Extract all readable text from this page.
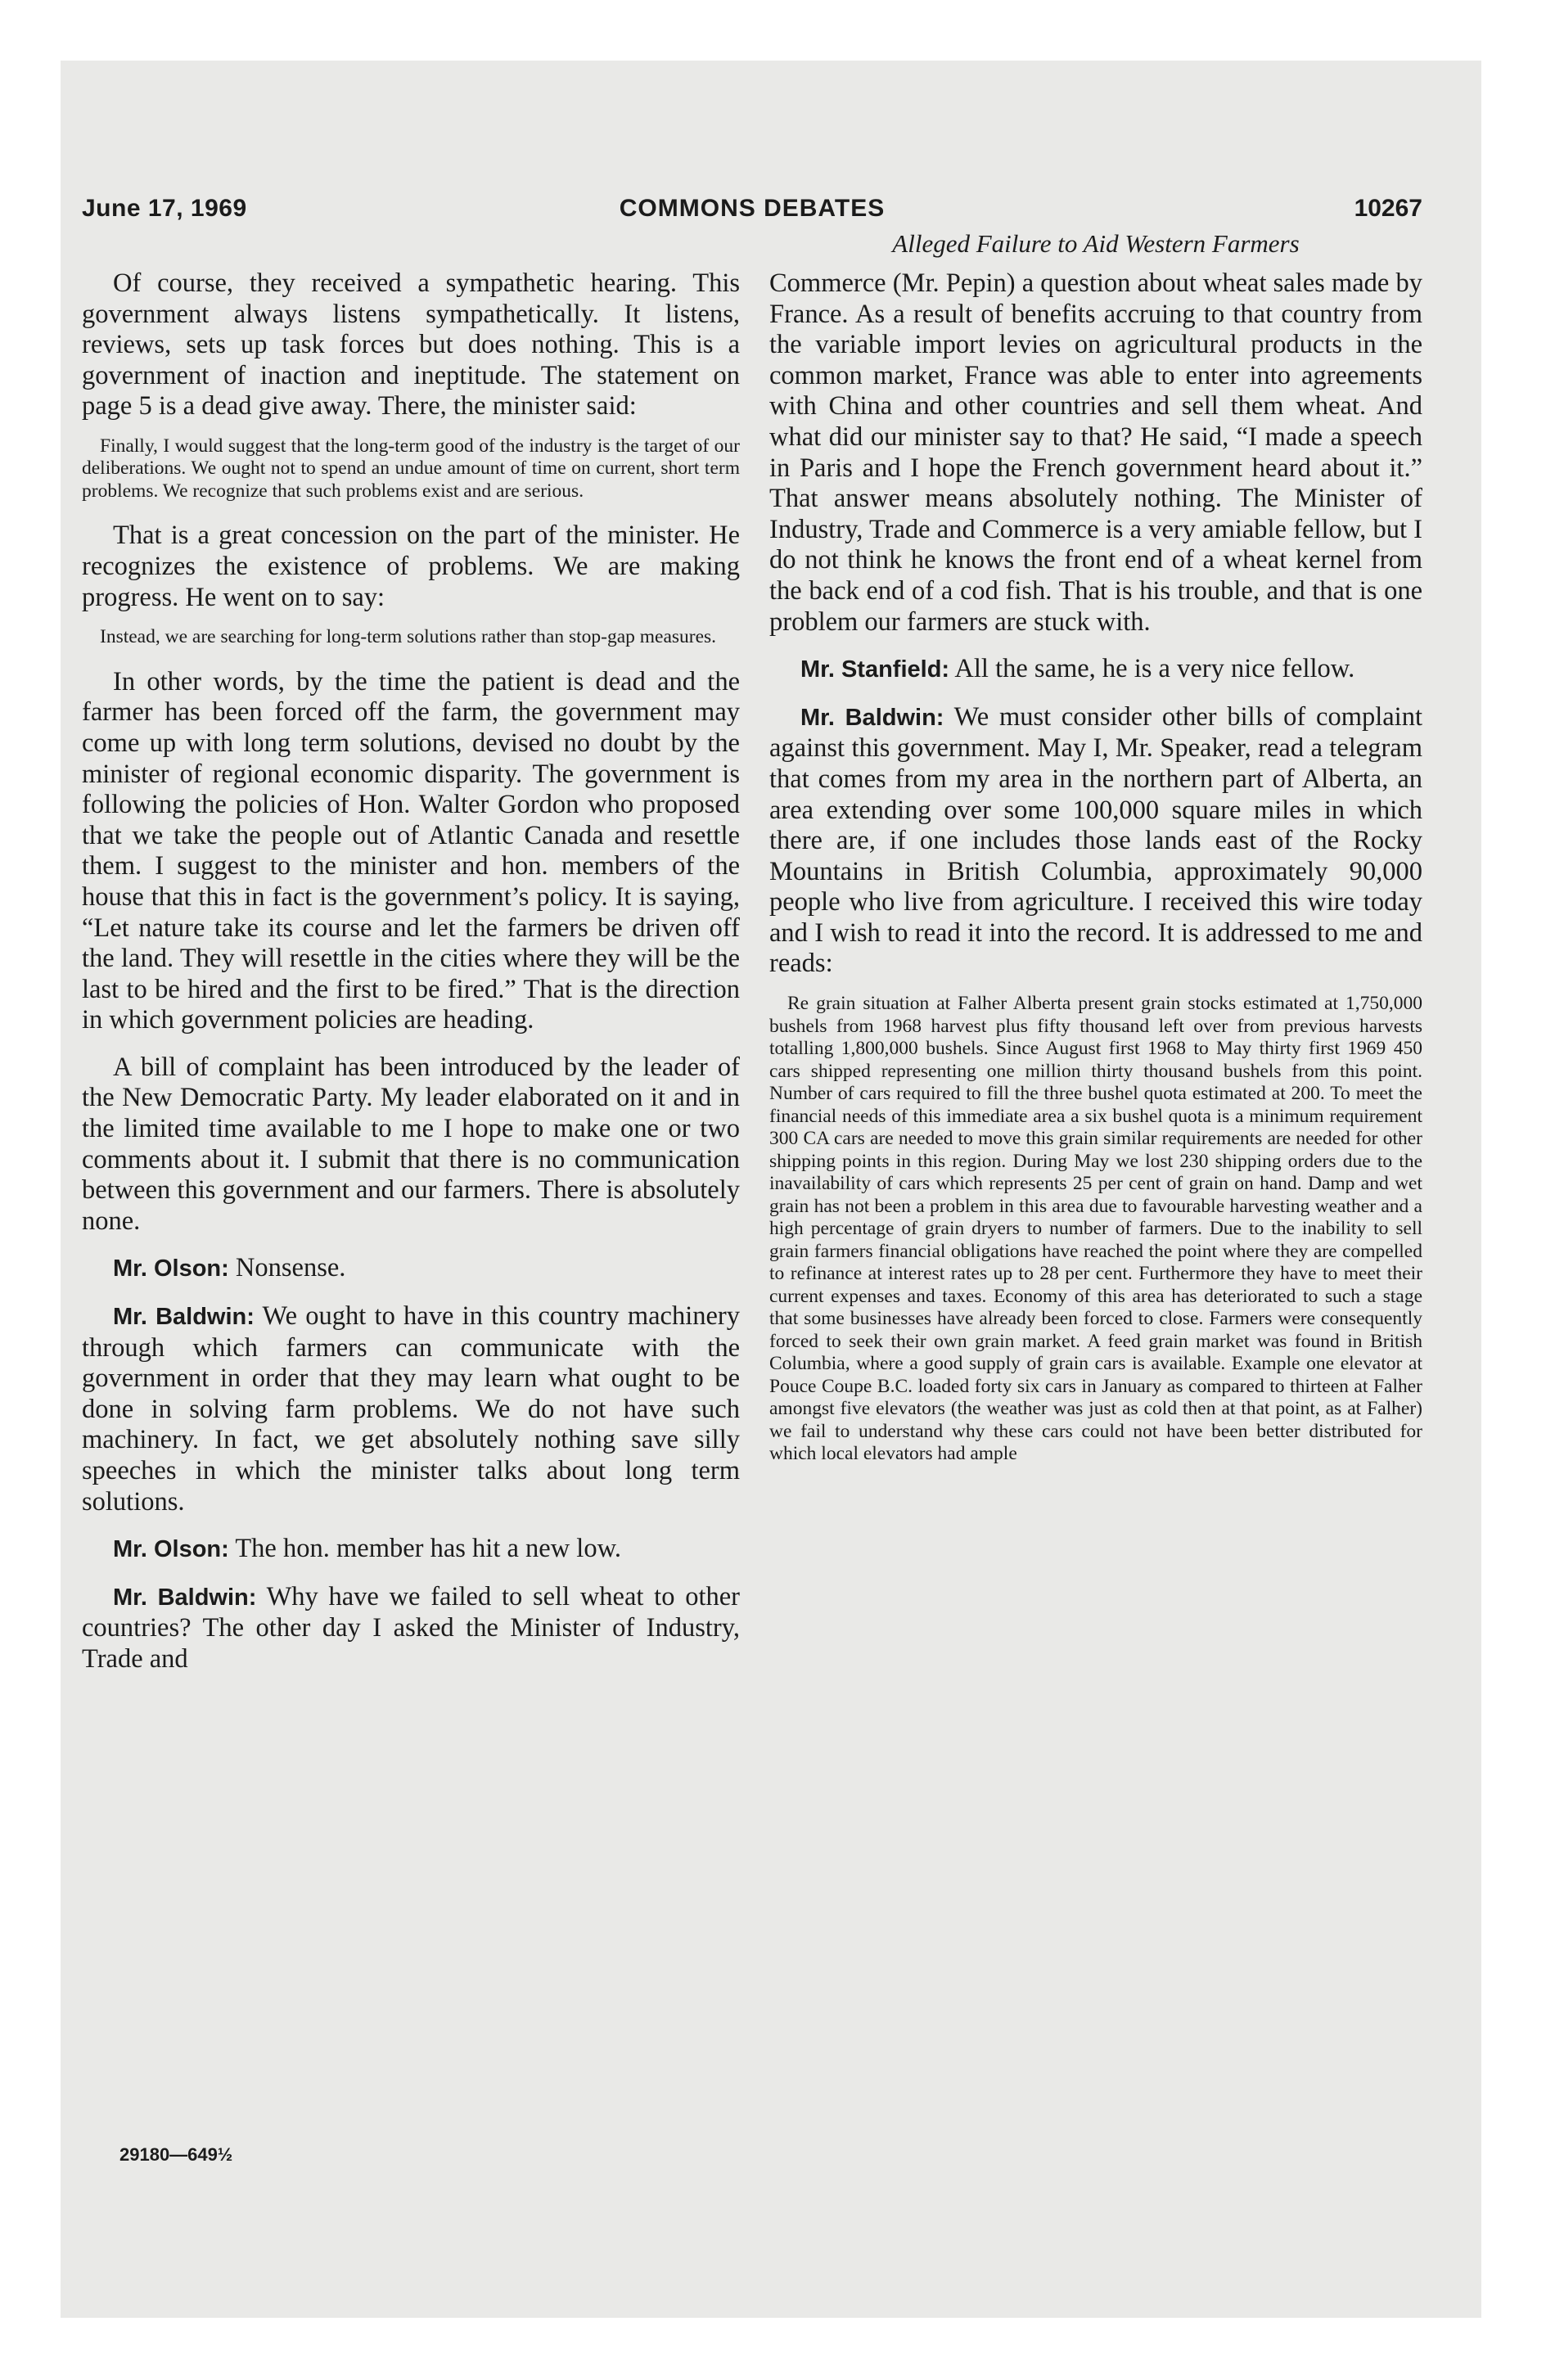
June 17, 1969	COMMONS DEBATES	10267
Alleged Failure to Aid Western Farmers

Of course, they received a sympathetic hearing. This government always listens sympathetically. It listens, reviews, sets up task forces but does nothing. This is a government of inaction and ineptitude. The statement on page 5 is a dead give away. There, the minister said:

Finally, I would suggest that the long-term good of the industry is the target of our deliberations. We ought not to spend an undue amount of time on current, short term problems. We recognize that such problems exist and are serious.

That is a great concession on the part of the minister. He recognizes the existence of problems. We are making progress. He went on to say:

Instead, we are searching for long-term solutions rather than stop-gap measures.

In other words, by the time the patient is dead and the farmer has been forced off the farm, the government may come up with long term solutions, devised no doubt by the minister of regional economic disparity. The government is following the policies of Hon. Walter Gordon who proposed that we take the people out of Atlantic Canada and resettle them. I suggest to the minister and hon. members of the house that this in fact is the government’s policy. It is saying, “Let nature take its course and let the farmers be driven off the land. They will resettle in the cities where they will be the last to be hired and the first to be fired.” That is the direction in which government policies are heading.

A bill of complaint has been introduced by the leader of the New Democratic Party. My leader elaborated on it and in the limited time available to me I hope to make one or two comments about it. I submit that there is no communication between this government and our farmers. There is absolutely none.

Mr. Olson: Nonsense.

Mr. Baldwin: We ought to have in this country machinery through which farmers can communicate with the government in order that they may learn what ought to be done in solving farm problems. We do not have such machinery. In fact, we get absolutely nothing save silly speeches in which the minister talks about long term solutions.

Mr. Olson: The hon. member has hit a new low.

Mr. Baldwin: Why have we failed to sell wheat to other countries? The other day I asked the Minister of Industry, Trade and

Commerce (Mr. Pepin) a question about wheat sales made by France. As a result of benefits accruing to that country from the variable import levies on agricultural products in the common market, France was able to enter into agreements with China and other countries and sell them wheat. And what did our minister say to that? He said, “I made a speech in Paris and I hope the French government heard about it.” That answer means absolutely nothing. The Minister of Industry, Trade and Commerce is a very amiable fellow, but I do not think he knows the front end of a wheat kernel from the back end of a cod fish. That is his trouble, and that is one problem our farmers are stuck with.

Mr. Stanfield: All the same, he is a very nice fellow.

Mr. Baldwin: We must consider other bills of complaint against this government. May I, Mr. Speaker, read a telegram that comes from my area in the northern part of Alberta, an area extending over some 100,000 square miles in which there are, if one includes those lands east of the Rocky Mountains in British Columbia, approximately 90,000 people who live from agriculture. I received this wire today and I wish to read it into the record. It is addressed to me and reads:

Re grain situation at Falher Alberta present grain stocks estimated at 1,750,000 bushels from 1968 harvest plus fifty thousand left over from previous harvests totalling 1,800,000 bushels. Since August first 1968 to May thirty first 1969 450 cars shipped representing one million thirty thousand bushels from this point. Number of cars required to fill the three bushel quota estimated at 200. To meet the financial needs of this immediate area a six bushel quota is a minimum requirement 300 CA cars are needed to move this grain similar requirements are needed for other shipping points in this region. During May we lost 230 shipping orders due to the inavailability of cars which represents 25 per cent of grain on hand. Damp and wet grain has not been a problem in this area due to favourable harvesting weather and a high percentage of grain dryers to number of farmers. Due to the inability to sell grain farmers financial obligations have reached the point where they are compelled to refinance at interest rates up to 28 per cent. Furthermore they have to meet their current expenses and taxes. Economy of this area has deteriorated to such a stage that some businesses have already been forced to close. Farmers were consequently forced to seek their own grain market. A feed grain market was found in British Columbia, where a good supply of grain cars is available. Example one elevator at Pouce Coupe B.C. loaded forty six cars in January as compared to thirteen at Falher amongst five elevators (the weather was just as cold then at that point, as at Falher) we fail to understand why these cars could not have been better distributed for which local elevators had ample

29180—649½
